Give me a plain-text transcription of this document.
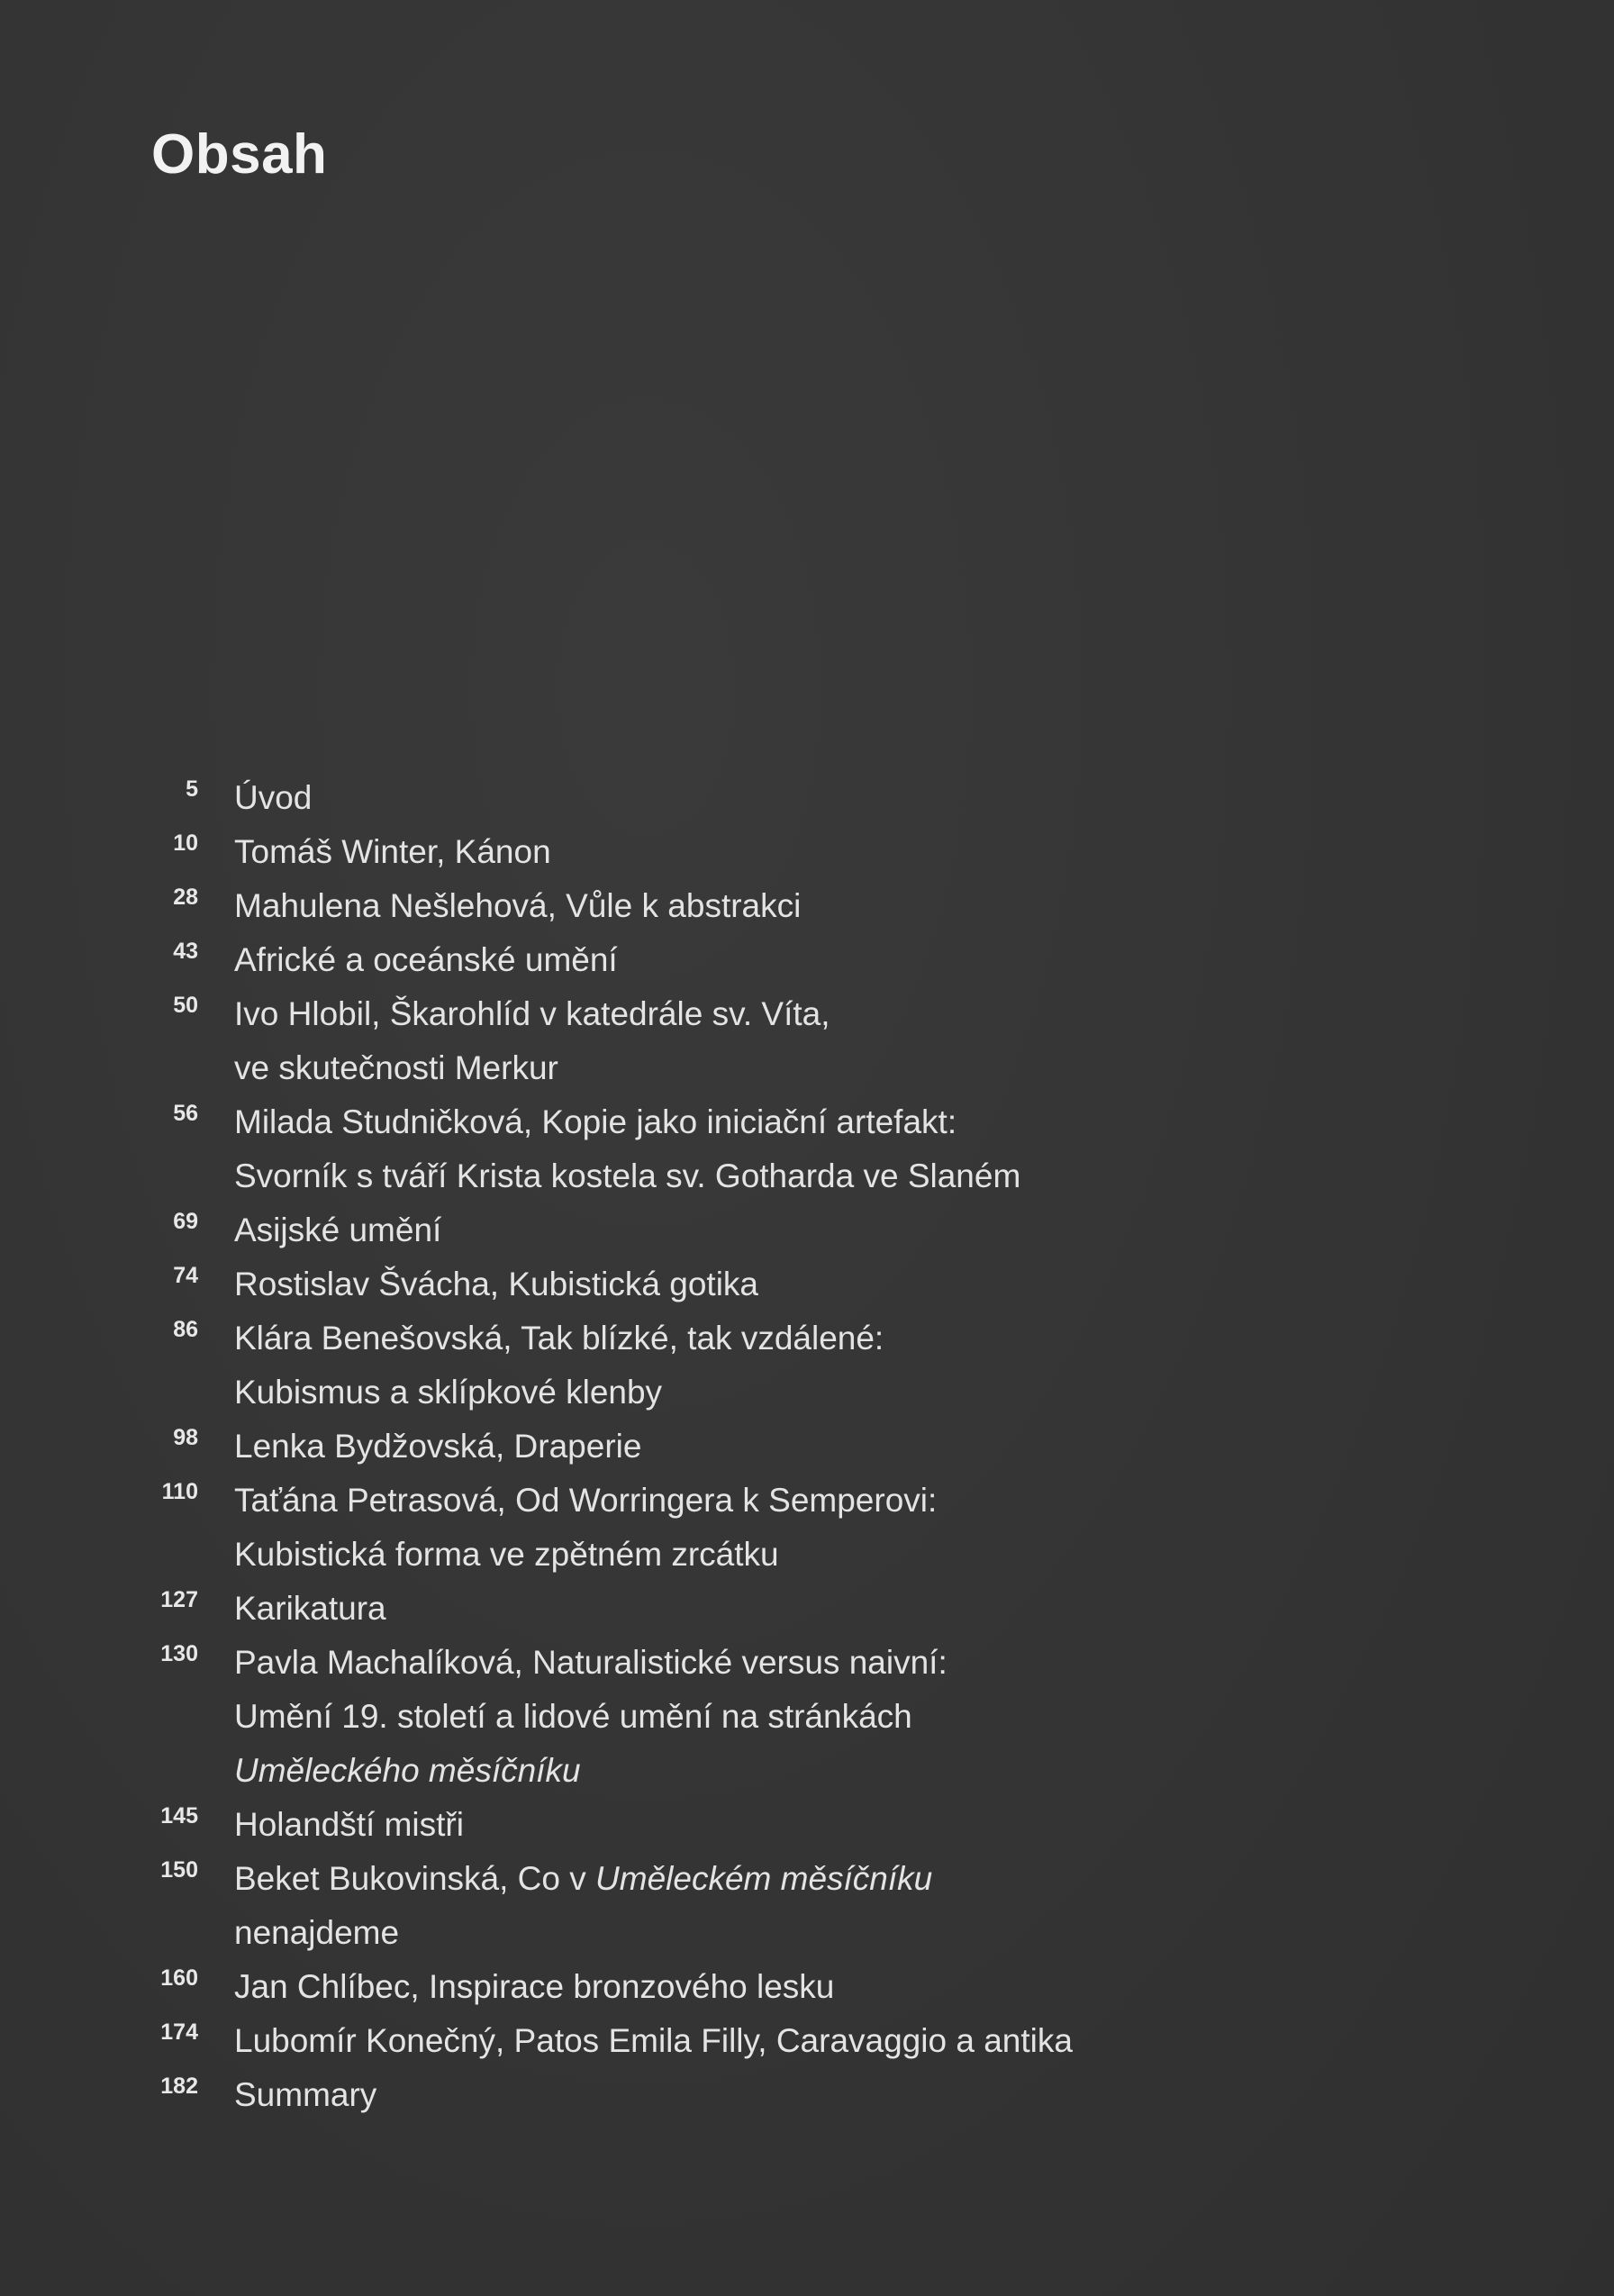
Obsah
5 Úvod
10 Tomáš Winter, Kánon
28 Mahulena Nešlehová, Vůle k abstrakci
43 Africké a oceánské umění
50 Ivo Hlobil, Škarohlíd v katedrále sv. Víta,
ve skutečnosti Merkur
56 Milada Studničková, Kopie jako iniciační artefakt:
Svorník s tváří Krista kostela sv. Gotharda ve Slaném
69 Asijské umění
74 Rostislav Švácha, Kubistická gotika
86 Klára Benešovská, Tak blízké, tak vzdálené:
Kubismus a sklípkové klenby
98 Lenka Bydžovská, Draperie
110 Taťána Petrasová, Od Worringera k Semperovi:
Kubistická forma ve zpětném zrcátku
127 Karikatura
130 Pavla Machalíková, Naturalistické versus naivní:
Umění 19. století a lidové umění na stránkách
Uměleckého měsíčníku
145 Holandští mistři
150 Beket Bukovinská, Co v Uměleckém měsíčníku
nenajdeme
160 Jan Chlíbec, Inspirace bronzového lesku
174 Lubomír Konečný, Patos Emila Filly, Caravaggio a antika
182 Summary
